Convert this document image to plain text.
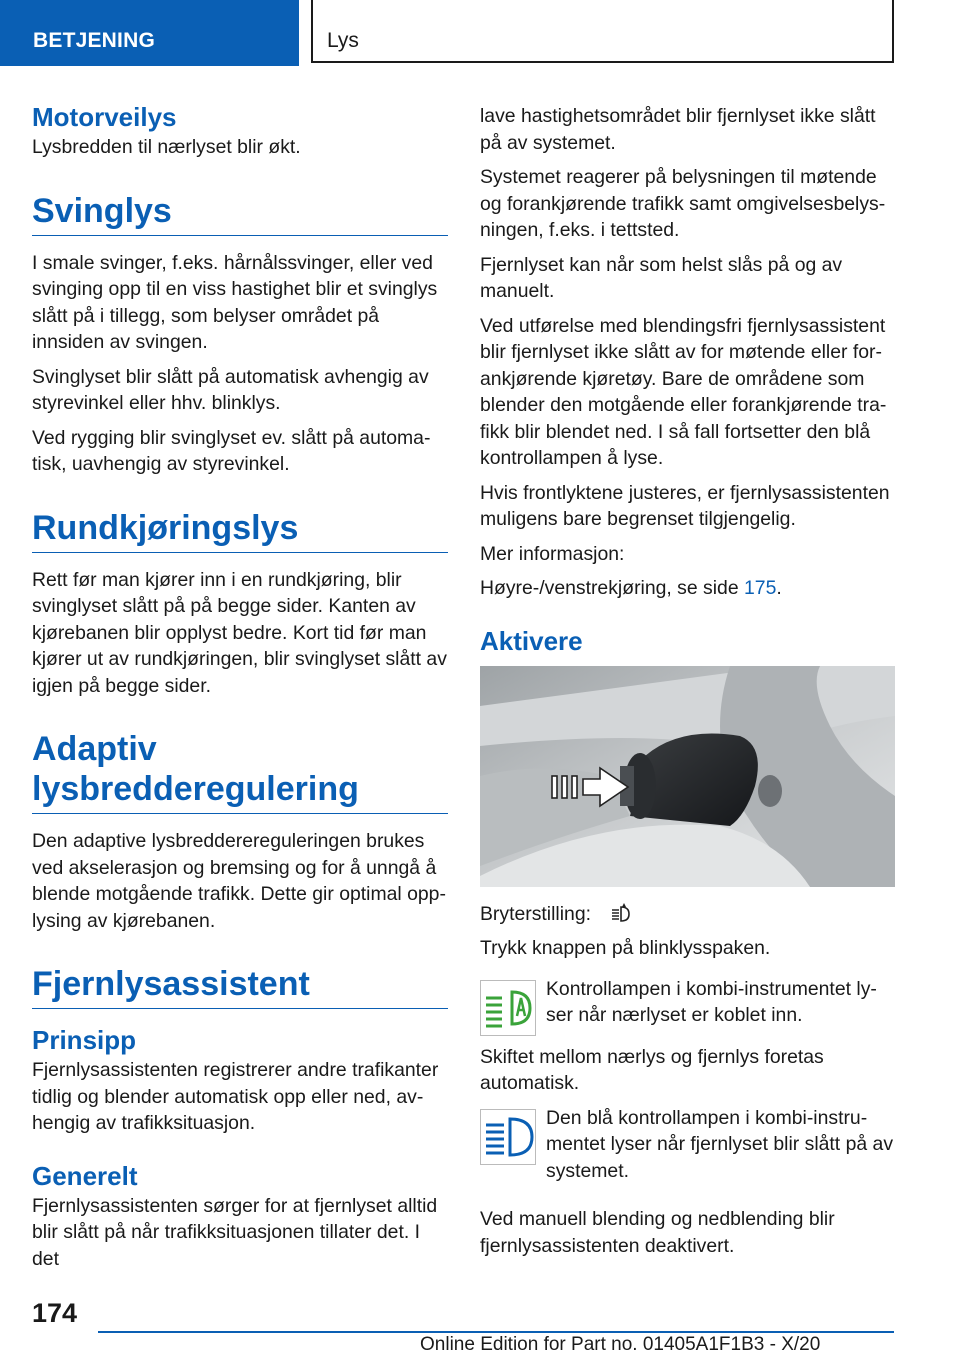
BETJENING	Lys
Motorveilys

Lysbredden til nærlyset blir økt.

Svinglys

I smale svinger, f.eks. hårnålssvinger, eller ved svinging opp til en viss hastighet blir et svinglys slått på i tillegg, som belyser området på innsiden av svingen.

Svinglyset blir slått på automatisk avhengig av styrevinkel eller hhv. blinklys.

Ved rygging blir svinglyset ev. slått på automatisk, uavhengig av styrevinkel.

Rundkjøringslys

Rett før man kjører inn i en rundkjøring, blir svinglyset slått på på begge sider. Kanten av kjørebanen blir opplyst bedre. Kort tid før man kjører ut av rundkjøringen, blir svinglyset slått av igjen på begge sider.

Adaptiv
lysbredderegulering

Den adaptive lysbredderereguleringen brukes ved akselerasjon og bremsing og for å unngå å blende motgående trafikk. Dette gir optimal opplysing av kjørebanen.

Fjernlysassistent
Prinsipp

Fjernlysassistenten registrerer andre trafikanter tidlig og blender automatisk opp eller ned, avhengig av trafikksituasjon.

Generelt

Fjernlysassistenten sørger for at fjernlyset alltid blir slått på når trafikksituasjonen tillater det. I det

lave hastighetsområdet blir fjernlyset ikke slått på av systemet.

Systemet reagerer på belysningen til møtende og forankjørende trafikk samt omgivelsesbelysningen, f.eks. i tettsted.

Fjernlyset kan når som helst slås på og av manuelt.

Ved utførelse med blendingsfri fjernlysassistent blir fjernlyset ikke slått av for møtende eller forankjørende kjøretøy. Bare de områdene som blender den motgående eller forankjørende trafikk blir blendet ned. I så fall fortsetter den blå kontrollampen å lyse.

Hvis frontlyktene justeres, er fjernlysassistenten muligens bare begrenset tilgjengelig.

Mer informasjon:

Høyre-/venstrekjøring, se side 175.

Aktivere

Bryterstilling:

Trykk knappen på blinklysspaken.

Kontrollampen i kombi-instrumentet lyser når nærlyset er koblet inn.

Skiftet mellom nærlys og fjernlys foretas automatisk.

Den blå kontrollampen i kombi-instrumentet lyser når fjernlyset blir slått på av systemet.

Ved manuell blending og nedblending blir fjernlysassistenten deaktivert.

174
Online Edition for Part no. 01405A1F1B3 - X/20
